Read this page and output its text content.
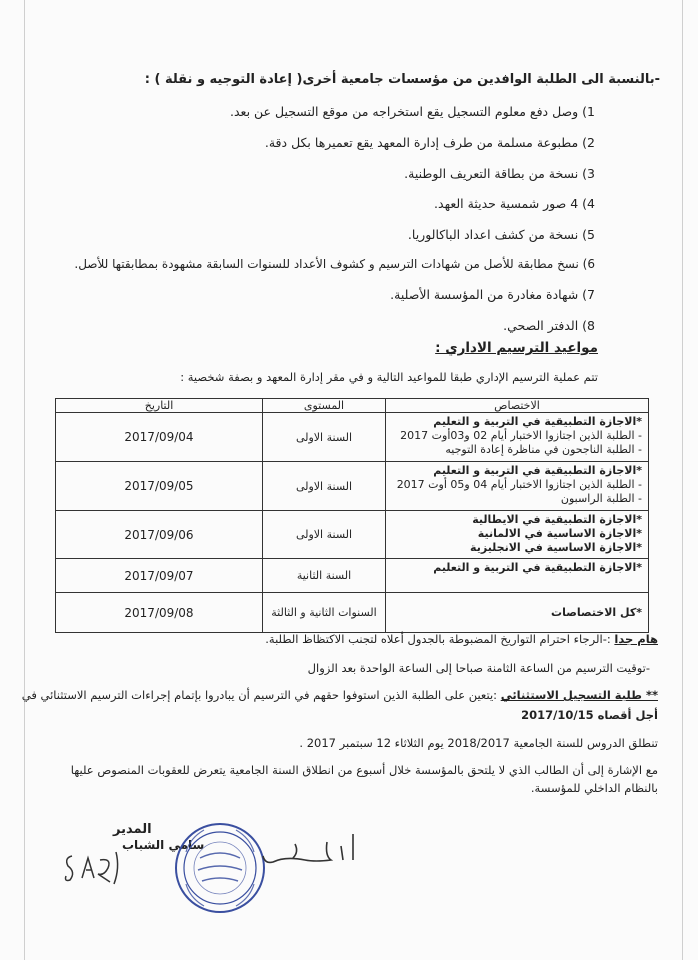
-بالنسبة الى الطلبة الوافدين من مؤسسات جامعية أخرى( إعادة التوجيه و نقلة ) :
1) وصل دفع معلوم التسجيل يقع استخراجه من موقع التسجيل عن بعد.
2) مطبوعة مسلمة من طرف إدارة المعهد يقع تعميرها بكل دقة.
3) نسخة من بطاقة التعريف الوطنية.
4) 4 صور شمسية حديثة العهد.
5) نسخة من كشف اعداد الباكالوريا.
6) نسخ مطابقة للأصل من شهادات الترسيم و كشوف الأعداد للسنوات السابقة مشهودة بمطابقتها للأصل.
7) شهادة مغادرة من المؤسسة الأصلية.
8) الدفتر الصحي.
مواعيد الترسيم الاداري :
تتم عملية الترسيم الإداري طبقا للمواعيد التالية و في مقر إدارة المعهد و بصفة شخصية :
الاختصاص	المستوى	التاريخ
*الاجازة التطبيقية في التربية و التعليم
- الطلبة الذين اجتازوا الاختبار أيام 02 و03أوت 2017
- الطلبة الناجحون في مناظرة إعادة التوجيه	السنة الاولى	2017/09/04
*الاجازة التطبيقية في التربية و التعليم
- الطلبة الذين اجتازوا الاختبار أيام 04 و05 أوت 2017
- الطلبة الراسبون	السنة الاولى	2017/09/05
*الاجازة التطبيقية في الايطالية
*الاجازة الاساسية في الالمانية
*الاجازة الاساسية في الانجليزية	السنة الاولى	2017/09/06
*الاجازة التطبيقية في التربية و التعليم	السنة الثانية	2017/09/07
*كل الاختصاصات	السنوات الثانية و الثالثة	2017/09/08
هام جدا :-الرجاء احترام التواريخ المضبوطة بالجدول أعلاه لتجنب الاكتظاظ الطلبة.
-توقيت الترسيم من الساعة الثامنة صباحا إلى الساعة الواحدة بعد الزوال
** طلبة التسجيل الاستثنائي :يتعين على الطلبة الذين استوفوا حقهم في الترسيم أن يبادروا بإتمام إجراءات الترسيم الاستثنائي في
أجل أقصاه 2017/10/15
تنطلق الدروس للسنة الجامعية 2018/2017 يوم الثلاثاء 12 سبتمبر 2017 .
مع الإشارة إلى أن الطالب الذي لا يلتحق بالمؤسسة خلال أسبوع من انطلاق السنة الجامعية يتعرض للعقوبات المنصوص عليها
بالنظام الداخلي للمؤسسة.
المدير
سامي الشباب
